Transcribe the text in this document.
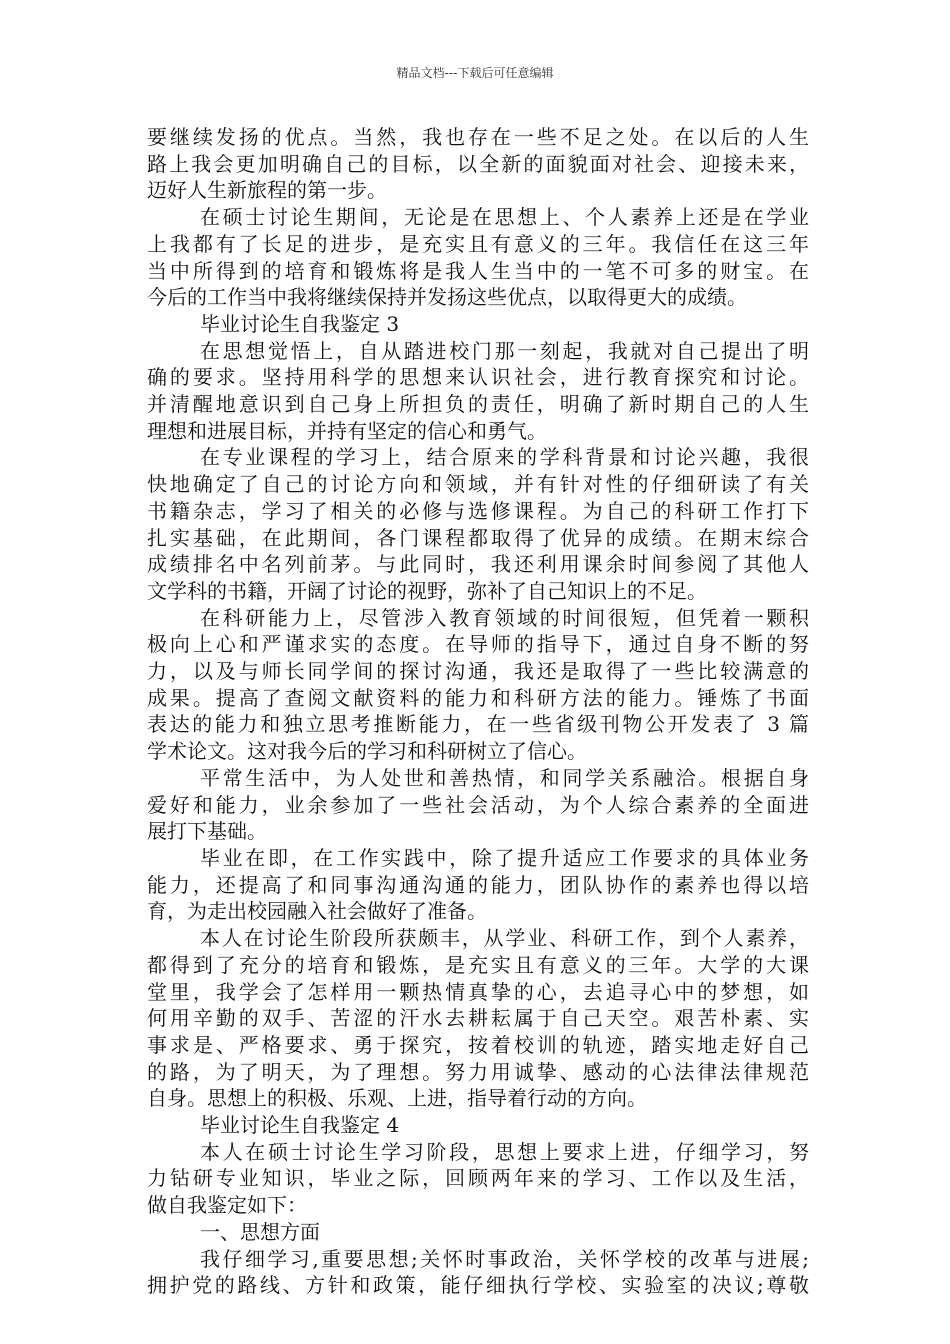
精品文档---下载后可任意编辑
要继续发扬的优点。当然，我也存在一些不足之处。在以后的人生
路上我会更加明确自己的目标，以全新的面貌面对社会、迎接未来，
迈好人生新旅程的第一步。
在硕士讨论生期间，无论是在思想上、个人素养上还是在学业
上我都有了长足的进步，是充实且有意义的三年。我信任在这三年
当中所得到的培育和锻炼将是我人生当中的一笔不可多的财宝。在
今后的工作当中我将继续保持并发扬这些优点，以取得更大的成绩。
毕业讨论生自我鉴定 3
在思想觉悟上，自从踏进校门那一刻起，我就对自己提出了明
确的要求。坚持用科学的思想来认识社会，进行教育探究和讨论。
并清醒地意识到自己身上所担负的责任，明确了新时期自己的人生
理想和进展目标，并持有坚定的信心和勇气。
在专业课程的学习上，结合原来的学科背景和讨论兴趣，我很
快地确定了自己的讨论方向和领域，并有针对性的仔细研读了有关
书籍杂志，学习了相关的必修与选修课程。为自己的科研工作打下
扎实基础，在此期间，各门课程都取得了优异的成绩。在期末综合
成绩排名中名列前茅。与此同时，我还利用课余时间参阅了其他人
文学科的书籍，开阔了讨论的视野，弥补了自己知识上的不足。
在科研能力上，尽管涉入教育领域的时间很短，但凭着一颗积
极向上心和严谨求实的态度。在导师的指导下，通过自身不断的努
力，以及与师长同学间的探讨沟通，我还是取得了一些比较满意的
成果。提高了查阅文献资料的能力和科研方法的能力。锤炼了书面
表达的能力和独立思考推断能力，在一些省级刊物公开发表了 3 篇
学术论文。这对我今后的学习和科研树立了信心。
平常生活中，为人处世和善热情，和同学关系融洽。根据自身
爱好和能力，业余参加了一些社会活动，为个人综合素养的全面进
展打下基础。
毕业在即，在工作实践中，除了提升适应工作要求的具体业务
能力，还提高了和同事沟通沟通的能力，团队协作的素养也得以培
育，为走出校园融入社会做好了准备。
本人在讨论生阶段所获颇丰，从学业、科研工作，到个人素养，
都得到了充分的培育和锻炼，是充实且有意义的三年。大学的大课
堂里，我学会了怎样用一颗热情真挚的心，去追寻心中的梦想，如
何用辛勤的双手、苦涩的汗水去耕耘属于自己天空。艰苦朴素、实
事求是、严格要求、勇于探究，按着校训的轨迹，踏实地走好自己
的路，为了明天，为了理想。努力用诚挚、感动的心法律法律规范
自身。思想上的积极、乐观、上进，指导着行动的方向。
毕业讨论生自我鉴定 4
本人在硕士讨论生学习阶段，思想上要求上进，仔细学习，努
力钻研专业知识，毕业之际，回顾两年来的学习、工作以及生活，
做自我鉴定如下：
一、思想方面
我仔细学习,重要思想;关怀时事政治，关怀学校的改革与进展;
拥护党的路线、方针和政策，能仔细执行学校、实验室的决议;尊敬
